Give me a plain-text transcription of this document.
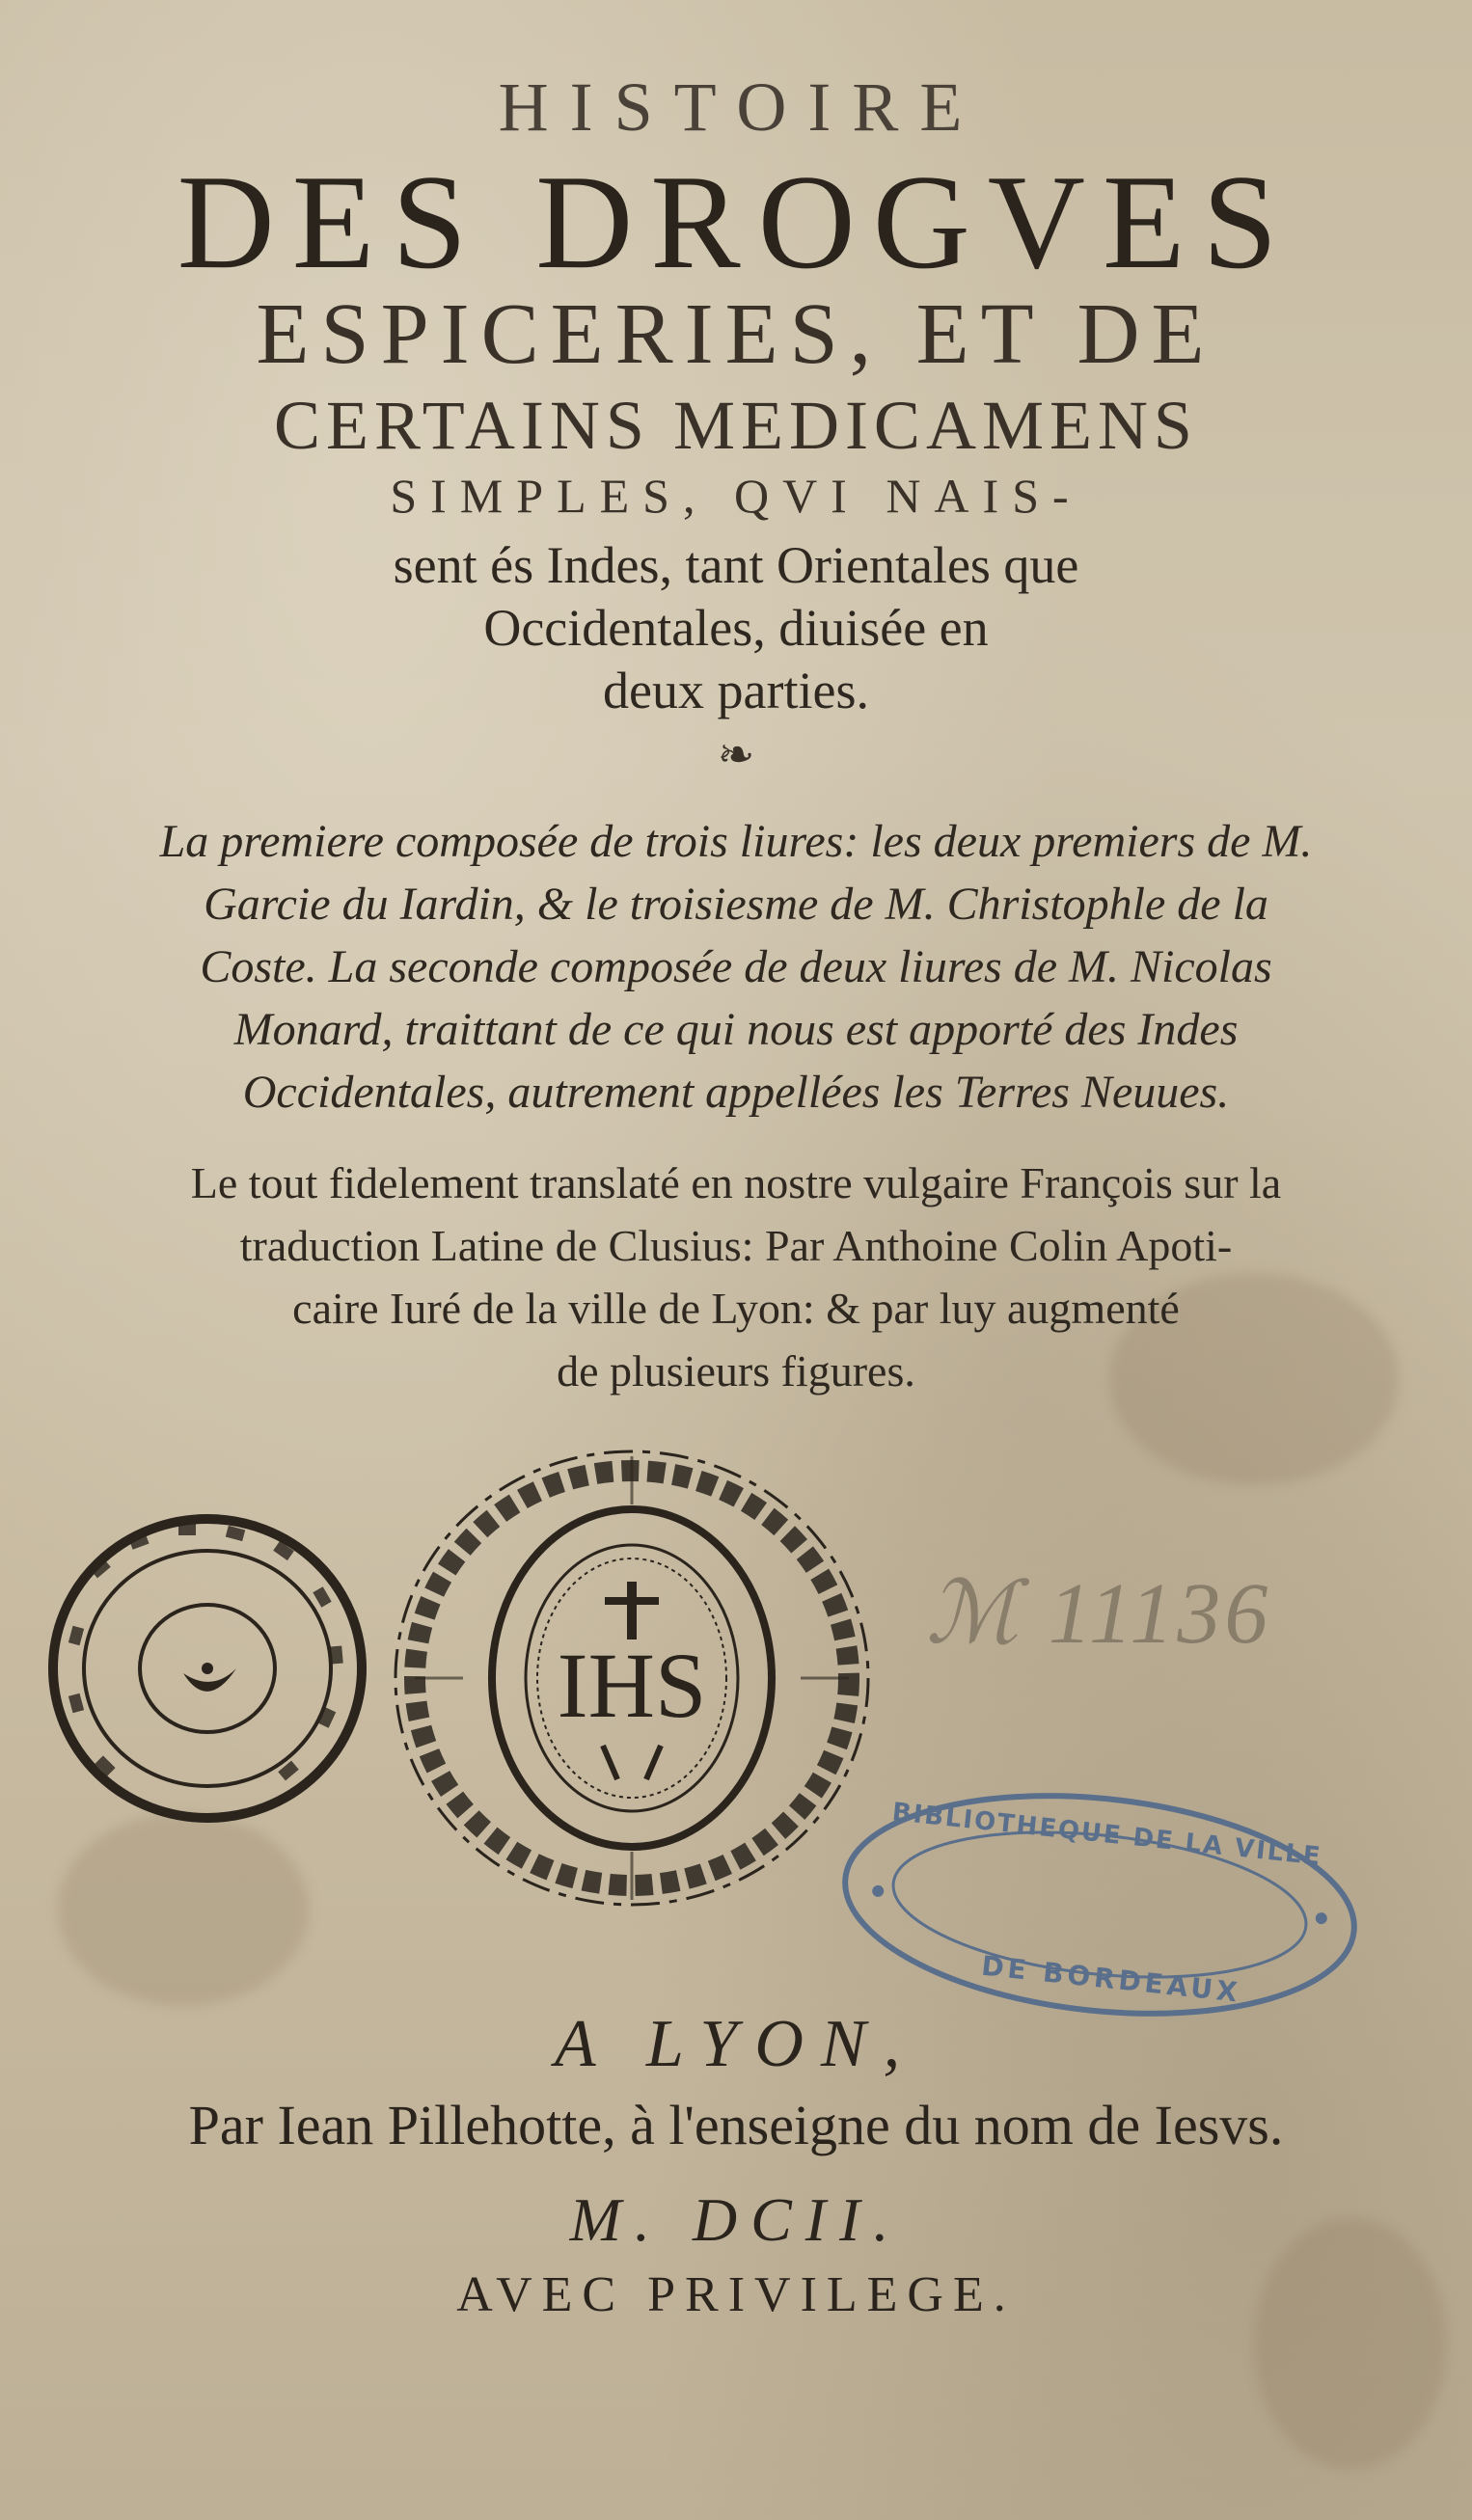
HISTOIRE
DES DROGVES
ESPICERIES, ET DE
CERTAINS MEDICAMENS
SIMPLES, QVI NAIS-
sent és Indes, tant Orientales que
Occidentales, diuisée en
deux parties.
❧
La premiere composée de trois liures: les deux premiers de M.
Garcie du Iardin, & le troisiesme de M. Christophle de la
Coste. La seconde composée de deux liures de M. Nicolas
Monard, traittant de ce qui nous est apporté des Indes
Occidentales, autrement appellées les Terres Neuues.
Le tout fidelement translaté en nostre vulgaire François sur la
traduction Latine de Clusius: Par Anthoine Colin Apoti-
caire Iuré de la ville de Lyon: & par luy augmenté
de plusieurs figures.
IHS
ℳ 11136
BIBLIOTHEQUE DE LA VILLE
DE BORDEAUX
A LYON,
Par Iean Pillehotte, à l'enseigne du nom de Iesvs.
M. DCII.
AVEC PRIVILEGE.
